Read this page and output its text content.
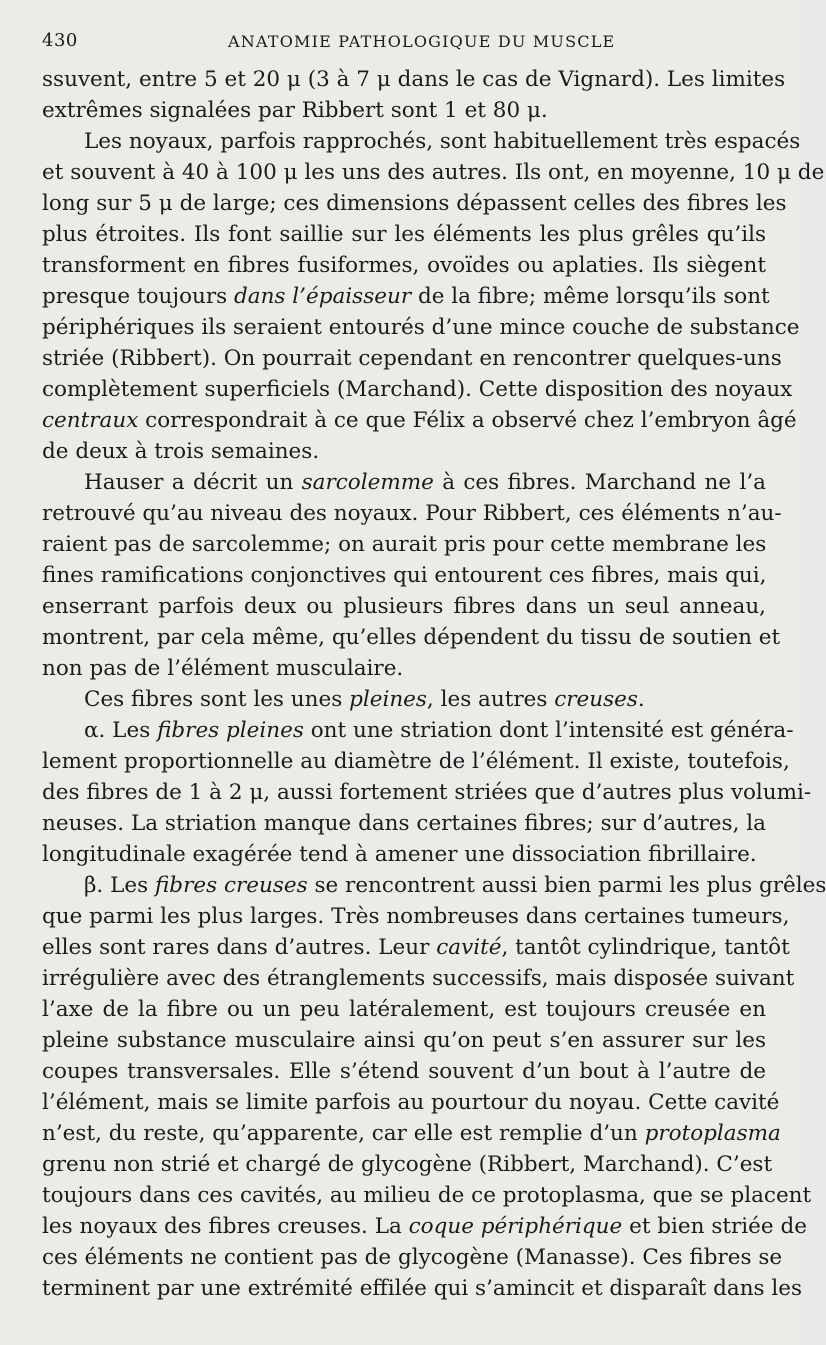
430	ANATOMIE PATHOLOGIQUE DU MUSCLE
ssuvent, entre 5 et 20 μ (3 à 7 μ dans le cas de Vignard). Les limites
extrêmes signalées par Ribbert sont 1 et 80 μ.
Les noyaux, parfois rapprochés, sont habituellement très espacés
et souvent à 40 à 100 μ les uns des autres. Ils ont, en moyenne, 10 μ de
long sur 5 μ de large; ces dimensions dépassent celles des fibres les
plus étroites. Ils font saillie sur les éléments les plus grêles qu’ils
transforment en fibres fusiformes, ovoïdes ou aplaties. Ils siègent
presque toujours dans l’épaisseur de la fibre; même lorsqu’ils sont
périphériques ils seraient entourés d’une mince couche de substance
striée (Ribbert). On pourrait cependant en rencontrer quelques-uns
complètement superficiels (Marchand). Cette disposition des noyaux
centraux correspondrait à ce que Félix a observé chez l’embryon âgé
de deux à trois semaines.
Hauser a décrit un sarcolemme à ces fibres. Marchand ne l’a
retrouvé qu’au niveau des noyaux. Pour Ribbert, ces éléments n’au-
raient pas de sarcolemme; on aurait pris pour cette membrane les
fines ramifications conjonctives qui entourent ces fibres, mais qui,
enserrant parfois deux ou plusieurs fibres dans un seul anneau,
montrent, par cela même, qu’elles dépendent du tissu de soutien et
non pas de l’élément musculaire.
Ces fibres sont les unes pleines, les autres creuses.
α. Les fibres pleines ont une striation dont l’intensité est généra-
lement proportionnelle au diamètre de l’élément. Il existe, toutefois,
des fibres de 1 à 2 μ, aussi fortement striées que d’autres plus volumi-
neuses. La striation manque dans certaines fibres; sur d’autres, la
longitudinale exagérée tend à amener une dissociation fibrillaire.
β. Les fibres creuses se rencontrent aussi bien parmi les plus grêles
que parmi les plus larges. Très nombreuses dans certaines tumeurs,
elles sont rares dans d’autres. Leur cavité, tantôt cylindrique, tantôt
irrégulière avec des étranglements successifs, mais disposée suivant
l’axe de la fibre ou un peu latéralement, est toujours creusée en
pleine substance musculaire ainsi qu’on peut s’en assurer sur les
coupes transversales. Elle s’étend souvent d’un bout à l’autre de
l’élément, mais se limite parfois au pourtour du noyau. Cette cavité
n’est, du reste, qu’apparente, car elle est remplie d’un protoplasma
grenu non strié et chargé de glycogène (Ribbert, Marchand). C’est
toujours dans ces cavités, au milieu de ce protoplasma, que se placent
les noyaux des fibres creuses. La coque périphérique et bien striée de
ces éléments ne contient pas de glycogène (Manasse). Ces fibres se
terminent par une extrémité effilée qui s’amincit et disparaît dans les
